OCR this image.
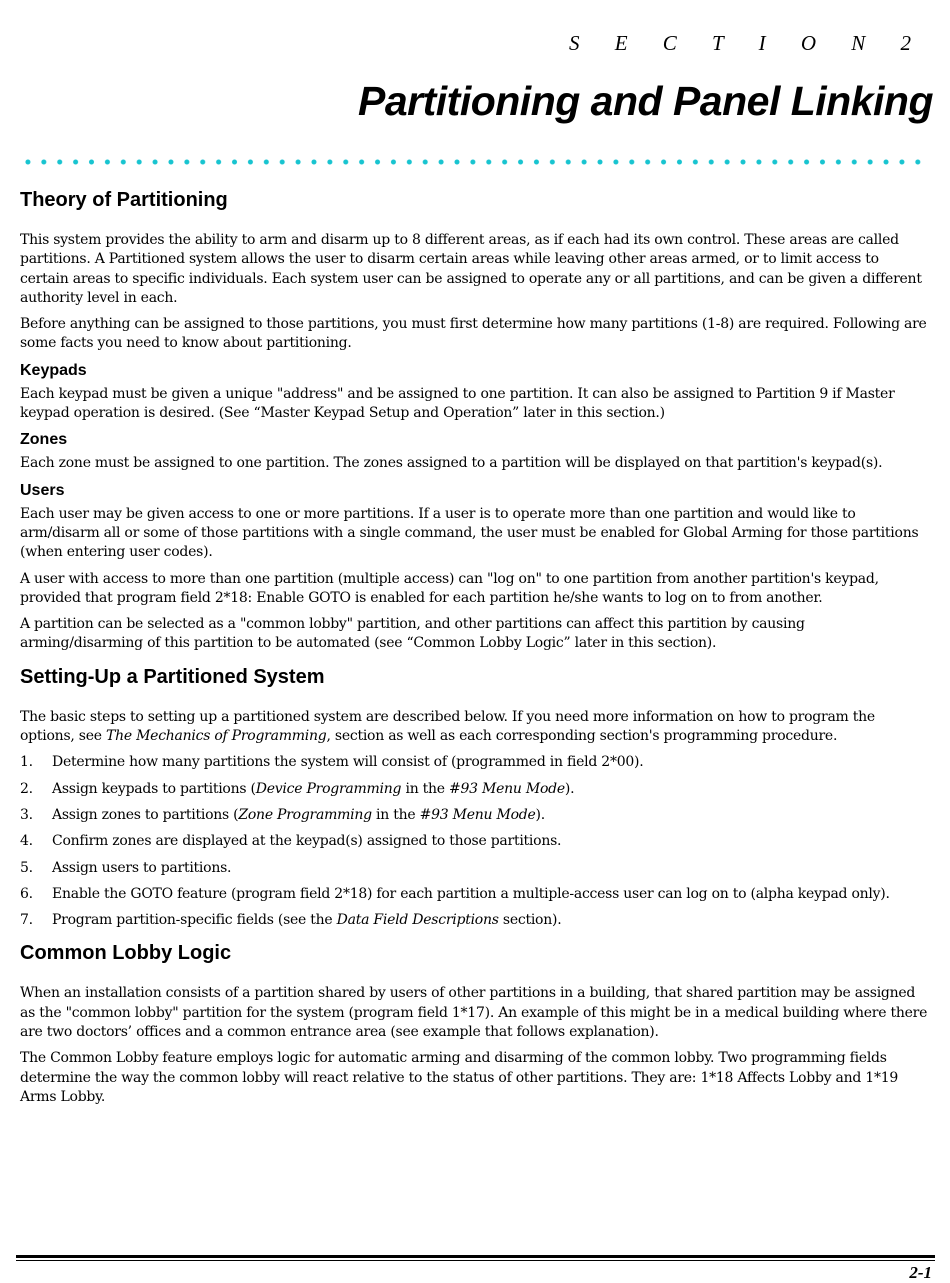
S E C T I O N 2

Partitioning and Panel Linking
Theory of Partitioning

This system provides the ability to arm and disarm up to 8 different areas, as if each had its own control. These areas are called partitions. A Partitioned system allows the user to disarm certain areas while leaving other areas armed, or to limit access to certain areas to specific individuals. Each system user can be assigned to operate any or all partitions, and can be given a different authority level in each.

Before anything can be assigned to those partitions, you must first determine how many partitions (1-8) are required. Following are some facts you need to know about partitioning.

Keypads

Each keypad must be given a unique "address" and be assigned to one partition. It can also be assigned to Partition 9 if Master keypad operation is desired. (See “Master Keypad Setup and Operation” later in this section.)

Zones

Each zone must be assigned to one partition. The zones assigned to a partition will be displayed on that partition's keypad(s).

Users

Each user may be given access to one or more partitions. If a user is to operate more than one partition and would like to arm/disarm all or some of those partitions with a single command, the user must be enabled for Global Arming for those partitions (when entering user codes).

A user with access to more than one partition (multiple access) can "log on" to one partition from another partition's keypad, provided that program field 2*18: Enable GOTO is enabled for each partition he/she wants to log on to from another.

A partition can be selected as a "common lobby" partition, and other partitions can affect this partition by causing arming/disarming of this partition to be automated (see “Common Lobby Logic” later in this section).

Setting-Up a Partitioned System

The basic steps to setting up a partitioned system are described below. If you need more information on how to program the options, see The Mechanics of Programming, section as well as each corresponding section's programming procedure.

1. Determine how many partitions the system will consist of (programmed in field 2*00).
2. Assign keypads to partitions (Device Programming in the #93 Menu Mode).
3. Assign zones to partitions (Zone Programming in the #93 Menu Mode).
4. Confirm zones are displayed at the keypad(s) assigned to those partitions.
5. Assign users to partitions.
6. Enable the GOTO feature (program field 2*18) for each partition a multiple-access user can log on to (alpha keypad only).
7. Program partition-specific fields (see the Data Field Descriptions section).
Common Lobby Logic

When an installation consists of a partition shared by users of other partitions in a building, that shared partition may be assigned as the "common lobby" partition for the system (program field 1*17). An example of this might be in a medical building where there are two doctors’ offices and a common entrance area (see example that follows explanation).

The Common Lobby feature employs logic for automatic arming and disarming of the common lobby. Two programming fields determine the way the common lobby will react relative to the status of other partitions. They are: 1*18 Affects Lobby and 1*19 Arms Lobby.

2-1
